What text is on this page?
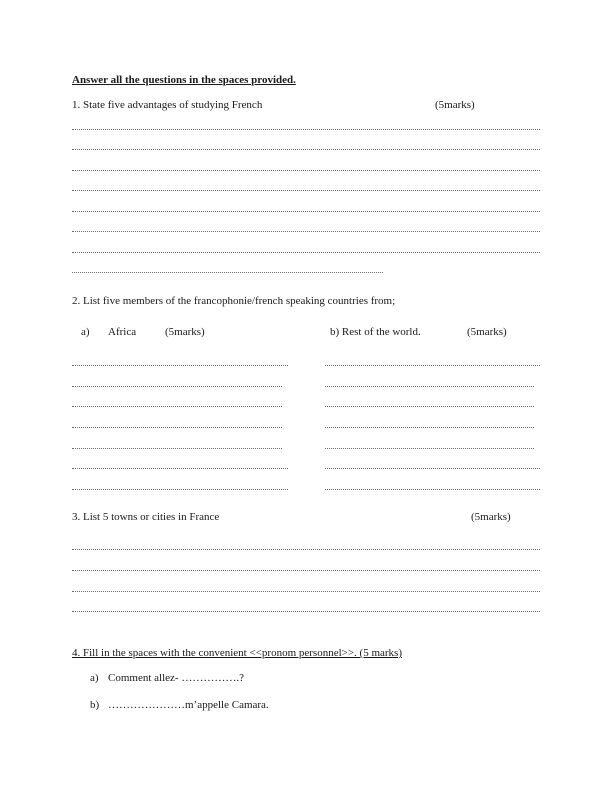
Answer all the questions in the spaces provided.
1. State five advantages of studying French	(5marks)
2. List five members of the francophonie/french speaking countries from;
a) Africa	(5marks)	b) Rest of the world.	(5marks)
3. List 5 towns or cities in France	(5marks)
4. Fill in the spaces with the convenient <<pronom personnel>>. (5 marks)
a) Comment allez- …………….?
b) …………………m’appelle Camara.
